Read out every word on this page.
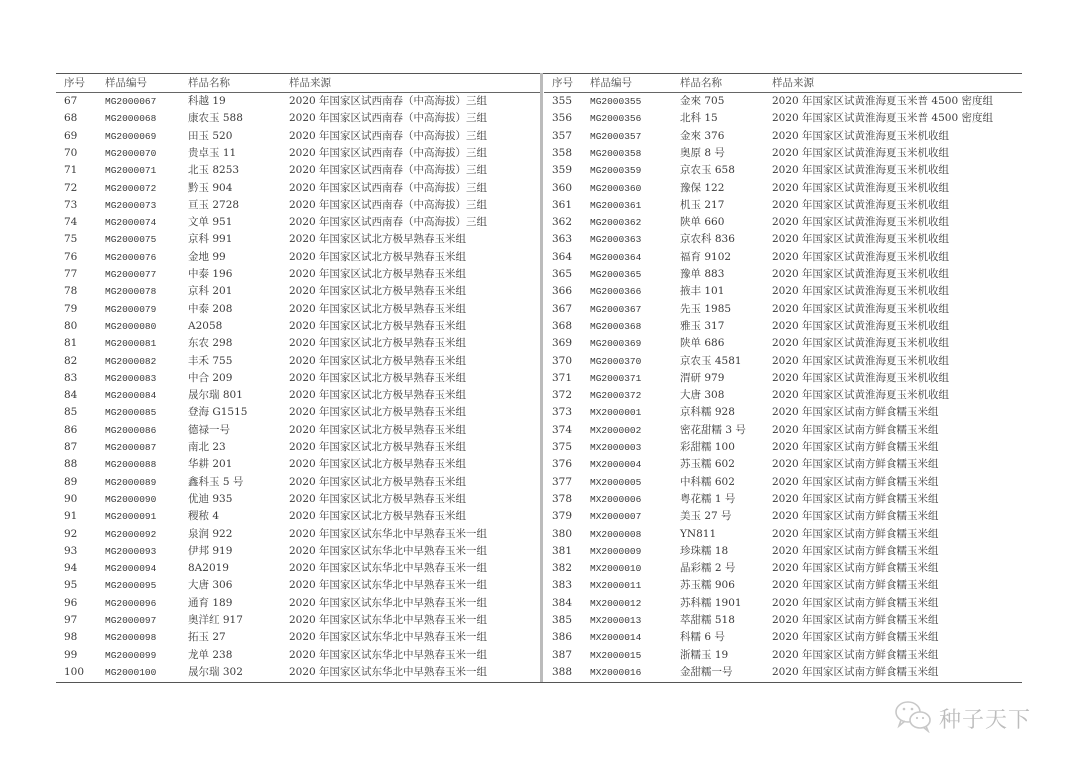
序号 样品编号	样品名称	样品来源
67	MG2000067	科越 19	2020 年国家区试西南春（中高海拔）三组
68	MG2000068	康农玉 588	2020 年国家区试西南春（中高海拔）三组
69	MG2000069	田玉 520	2020 年国家区试西南春（中高海拔）三组
70	MG2000070	贵卓玉 11	2020 年国家区试西南春（中高海拔）三组
71	MG2000071	北玉 8253	2020 年国家区试西南春（中高海拔）三组
72	MG2000072	黔玉 904	2020 年国家区试西南春（中高海拔）三组
73	MG2000073	亘玉 2728	2020 年国家区试西南春（中高海拔）三组
74	MG2000074	文单 951	2020 年国家区试西南春（中高海拔）三组
75	MG2000075	京科 991	2020 年国家区试北方极早熟春玉米组
76	MG2000076	金地 99	2020 年国家区试北方极早熟春玉米组
77	MG2000077	中泰 196	2020 年国家区试北方极早熟春玉米组
78	MG2000078	京科 201	2020 年国家区试北方极早熟春玉米组
79	MG2000079	中泰 208	2020 年国家区试北方极早熟春玉米组
80	MG2000080	A2058	2020 年国家区试北方极早熟春玉米组
81	MG2000081	东农 298	2020 年国家区试北方极早熟春玉米组
82	MG2000082	丰禾 755	2020 年国家区试北方极早熟春玉米组
83	MG2000083	中合 209	2020 年国家区试北方极早熟春玉米组
84	MG2000084	晟尔瑞 801	2020 年国家区试北方极早熟春玉米组
85	MG2000085	登海 G1515	2020 年国家区试北方极早熟春玉米组
86	MG2000086	德禄一号	2020 年国家区试北方极早熟春玉米组
87	MG2000087	南北 23	2020 年国家区试北方极早熟春玉米组
88	MG2000088	华耕 201	2020 年国家区试北方极早熟春玉米组
89	MG2000089	鑫科玉 5 号	2020 年国家区试北方极早熟春玉米组
90	MG2000090	优迪 935	2020 年国家区试北方极早熟春玉米组
91	MG2000091	稷秾 4	2020 年国家区试北方极早熟春玉米组
92	MG2000092	泉润 922	2020 年国家区试东华北中早熟春玉米一组
93	MG2000093	伊邦 919	2020 年国家区试东华北中早熟春玉米一组
94	MG2000094	8A2019	2020 年国家区试东华北中早熟春玉米一组
95	MG2000095	大唐 306	2020 年国家区试东华北中早熟春玉米一组
96	MG2000096	通育 189	2020 年国家区试东华北中早熟春玉米一组
97	MG2000097	奥洋红 917	2020 年国家区试东华北中早熟春玉米一组
98	MG2000098	拓玉 27	2020 年国家区试东华北中早熟春玉米一组
99	MG2000099	龙单 238	2020 年国家区试东华北中早熟春玉米一组
100 MG2000100	晟尔瑞 302	2020 年国家区试东华北中早熟春玉米一组
序号 样品编号	样品名称	样品来源
355 MG2000355	金來 705	2020 年国家区试黄淮海夏玉米普 4500 密度组
356 MG2000356	北科 15	2020 年国家区试黄淮海夏玉米普 4500 密度组
357 MG2000357	金來 376	2020 年国家区试黄淮海夏玉米机收组
358 MG2000358	奥原 8 号	2020 年国家区试黄淮海夏玉米机收组
359 MG2000359	京农玉 658	2020 年国家区试黄淮海夏玉米机收组
360 MG2000360	豫保 122	2020 年国家区试黄淮海夏玉米机收组
361 MG2000361	机玉 217	2020 年国家区试黄淮海夏玉米机收组
362 MG2000362	陕单 660	2020 年国家区试黄淮海夏玉米机收组
363 MG2000363	京农科 836	2020 年国家区试黄淮海夏玉米机收组
364 MG2000364	福育 9102	2020 年国家区试黄淮海夏玉米机收组
365 MG2000365	豫单 883	2020 年国家区试黄淮海夏玉米机收组
366 MG2000366	掖丰 101	2020 年国家区试黄淮海夏玉米机收组
367 MG2000367	先玉 1985	2020 年国家区试黄淮海夏玉米机收组
368 MG2000368	雅玉 317	2020 年国家区试黄淮海夏玉米机收组
369 MG2000369	陕单 686	2020 年国家区试黄淮海夏玉米机收组
370 MG2000370	京农玉 4581	2020 年国家区试黄淮海夏玉米机收组
371 MG2000371	渭研 979	2020 年国家区试黄淮海夏玉米机收组
372 MG2000372	大唐 308	2020 年国家区试黄淮海夏玉米机收组
373 MX2000001	京科糯 928	2020 年国家区试南方鲜食糯玉米组
374 MX2000002	密花甜糯 3 号 2020 年国家区试南方鲜食糯玉米组
375 MX2000003	彩甜糯 100	2020 年国家区试南方鲜食糯玉米组
376 MX2000004	苏玉糯 602	2020 年国家区试南方鲜食糯玉米组
377 MX2000005	中科糯 602	2020 年国家区试南方鲜食糯玉米组
378 MX2000006	粤花糯 1 号	2020 年国家区试南方鲜食糯玉米组
379 MX2000007	美玉 27 号	2020 年国家区试南方鲜食糯玉米组
380 MX2000008	YN811	2020 年国家区试南方鲜食糯玉米组
381 MX2000009	珍珠糯 18	2020 年国家区试南方鲜食糯玉米组
382 MX2000010	晶彩糯 2 号	2020 年国家区试南方鲜食糯玉米组
383 MX2000011	苏玉糯 906	2020 年国家区试南方鲜食糯玉米组
384 MX2000012	苏科糯 1901	2020 年国家区试南方鲜食糯玉米组
385 MX2000013	萃甜糯 518	2020 年国家区试南方鲜食糯玉米组
386 MX2000014	科糯 6 号	2020 年国家区试南方鲜食糯玉米组
387 MX2000015	浙糯玉 19	2020 年国家区试南方鲜食糯玉米组
388 MX2000016	金甜糯一号	2020 年国家区试南方鲜食糯玉米组
种子天下
